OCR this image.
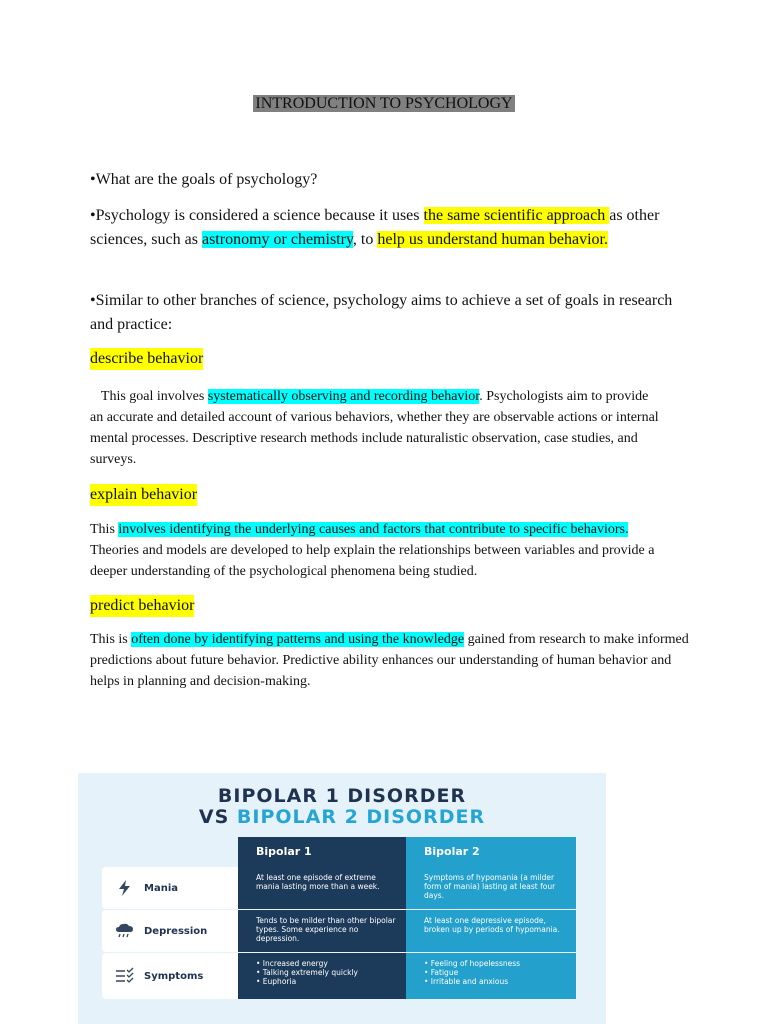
INTRODUCTION TO PSYCHOLOGY

•What are the goals of psychology?

•Psychology is considered a science because it uses the same scientific approach as other sciences, such as astronomy or chemistry, to help us understand human behavior.

•Similar to other branches of science, psychology aims to achieve a set of goals in research and practice:

describe behavior

This goal involves systematically observing and recording behavior. Psychologists aim to provide an accurate and detailed account of various behaviors, whether they are observable actions or internal mental processes. Descriptive research methods include naturalistic observation, case studies, and surveys.

explain behavior

This involves identifying the underlying causes and factors that contribute to specific behaviors. Theories and models are developed to help explain the relationships between variables and provide a deeper understanding of the psychological phenomena being studied.

predict behavior

This is often done by identifying patterns and using the knowledge gained from research to make informed predictions about future behavior. Predictive ability enhances our understanding of human behavior and helps in planning and decision-making.

BIPOLAR 1 DISORDER
VS BIPOLAR 2 DISORDER
Bipolar 1	Bipolar 2
Mania
At least one episode of extreme mania lasting more than a week.
Symptoms of hypomania (a milder form of mania) lasting at least four days.
Depression
Tends to be milder than other bipolar types. Some experience no depression.
At least one depressive episode, broken up by periods of hypomania.
Symptoms
• Increased energy
• Talking extremely quickly
• Euphoria
• Feeling of hopelessness
• Fatigue
• Irritable and anxious
